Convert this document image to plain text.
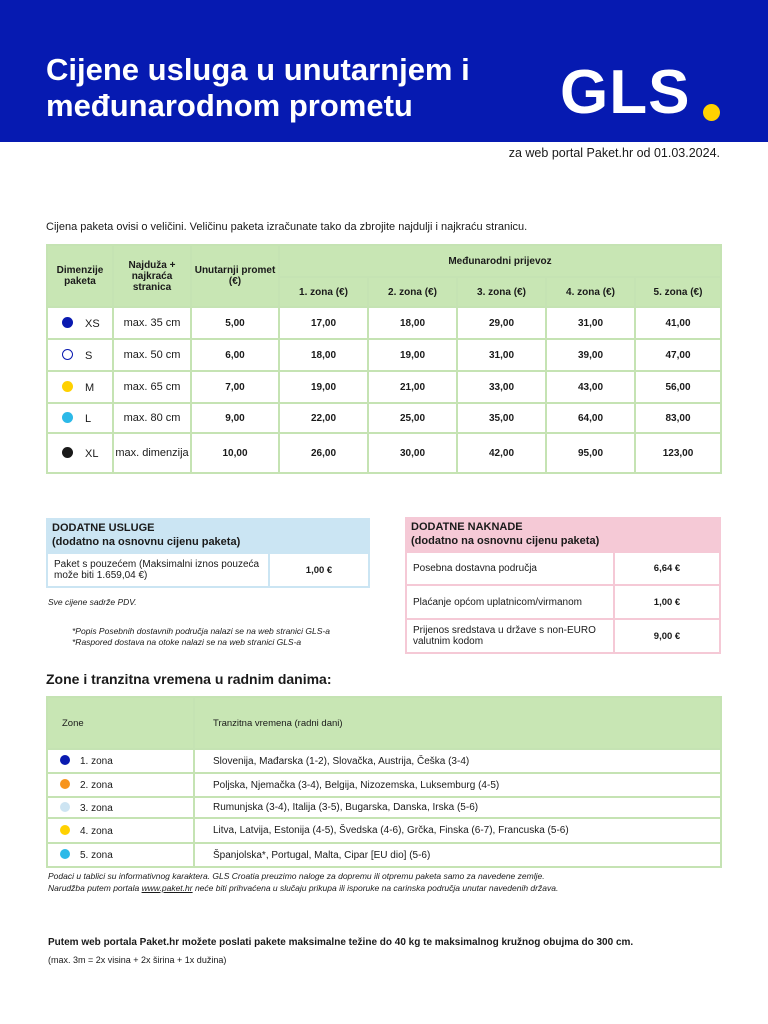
Cijene usluga u unutarnjem i međunarodnom prometu	GLS
za web portal Paket.hr od 01.03.2024.
Cijena paketa ovisi o veličini. Veličinu paketa izračunate tako da zbrojite najdulji i najkraću stranicu.
Dimenzije paketa	Najduža + najkraća stranica	Unutarnji promet (€)	Međunarodni prijevoz				
			1. zona (€)	2. zona (€)	3. zona (€)	4. zona (€)	5. zona (€)
XS	max. 35 cm	5,00	17,00	18,00	29,00	31,00	41,00
S	max. 50 cm	6,00	18,00	19,00	31,00	39,00	47,00
M	max. 65 cm	7,00	19,00	21,00	33,00	43,00	56,00
L	max. 80 cm	9,00	22,00	25,00	35,00	64,00	83,00
XL	max. dimenzija	10,00	26,00	30,00	42,00	95,00	123,00
DODATNE USLUGE
(dodatno na osnovnu cijenu paketa)
Paket s pouzećem (Maksimalni iznos pouzeća može biti 1.659,04 €)	1,00 €
Sve cijene sadrže PDV.
*Popis Posebnih dostavnih područja nalazi se na web stranici GLS-a
*Raspored dostava na otoke nalazi se na web stranici GLS-a
DODATNE NAKNADE
(dodatno na osnovnu cijenu paketa)
Posebna dostavna područja	6,64 €
Plaćanje općom uplatnicom/virmanom	1,00 €
Prijenos sredstava u države s non-EURO valutnim kodom	9,00 €
Zone i tranzitna vremena u radnim danima:
Zone	Tranzitna vremena (radni dani)
1. zona	Slovenija, Mađarska (1-2), Slovačka, Austrija, Češka (3-4)
2. zona	Poljska, Njemačka (3-4), Belgija, Nizozemska, Luksemburg (4-5)
3. zona	Rumunjska (3-4), Italija (3-5), Bugarska, Danska, Irska (5-6)
4. zona	Litva, Latvija, Estonija (4-5), Švedska (4-6), Grčka, Finska (6-7), Francuska (5-6)
5. zona	Španjolska*, Portugal, Malta, Cipar [EU dio] (5-6)
Podaci u tablici su informativnog karaktera. GLS Croatia preuzimo naloge za dopremu ili otpremu paketa samo za navedene zemlje.
Narudžba putem portala www.paket.hr neće biti prihvaćena u slučaju prikupa ili isporuke na carinska područja unutar navedenih država.
Putem web portala Paket.hr možete poslati pakete maksimalne težine do 40 kg te maksimalnog kružnog obujma do 300 cm.
(max. 3m = 2x visina + 2x širina + 1x dužina)
